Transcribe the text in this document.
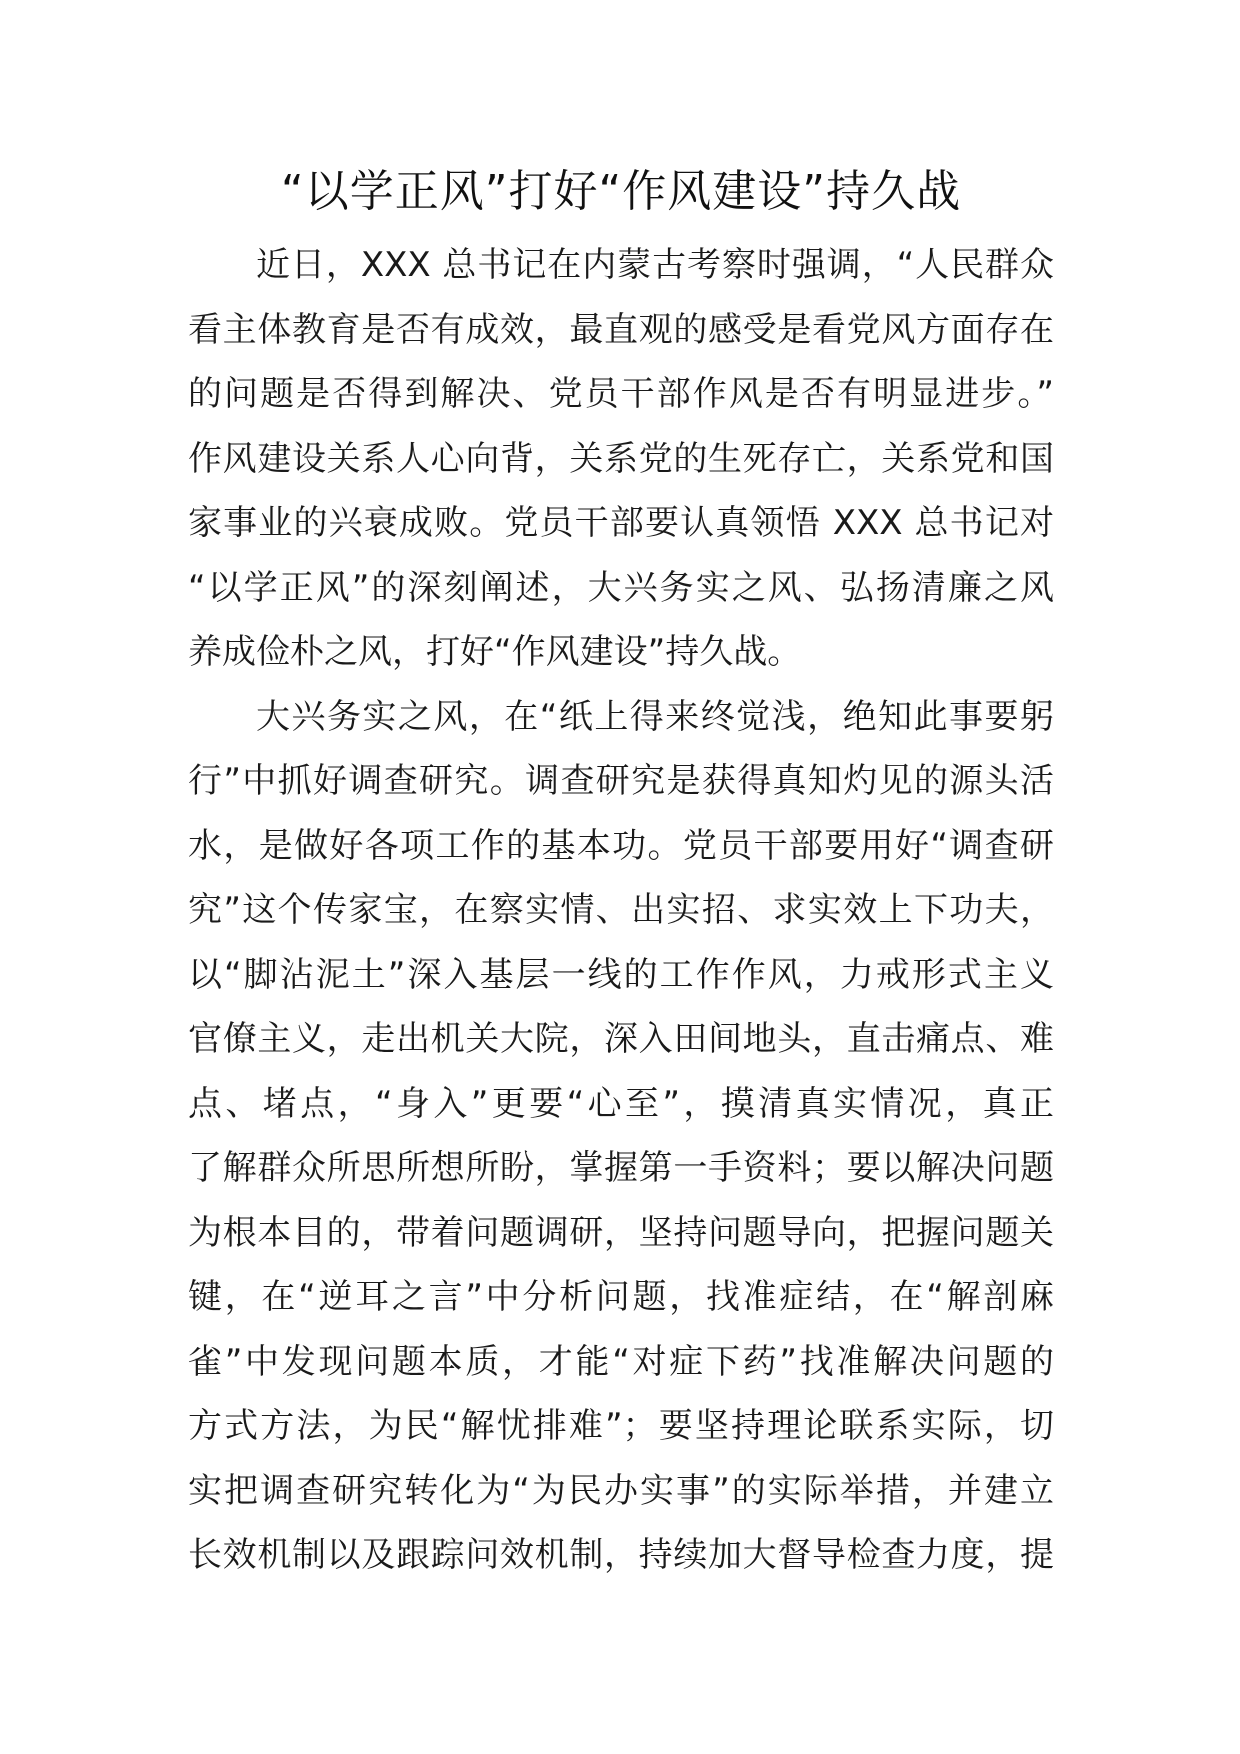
“以学正风”打好“作风建设”持久战
近日，XXX 总书记在内蒙古考察时强调，“人民群众
看主体教育是否有成效，最直观的感受是看党风方面存在
的问题是否得到解决、党员干部作风是否有明显进步。”
作风建设关系人心向背，关系党的生死存亡，关系党和国
家事业的兴衰成败。党员干部要认真领悟 XXX 总书记对
“以学正风”的深刻阐述，大兴务实之风、弘扬清廉之风
养成俭朴之风，打好“作风建设”持久战。
大兴务实之风，在“纸上得来终觉浅，绝知此事要躬
行”中抓好调查研究。调查研究是获得真知灼见的源头活
水，是做好各项工作的基本功。党员干部要用好“调查研
究”这个传家宝，在察实情、出实招、求实效上下功夫，
以“脚沾泥土”深入基层一线的工作作风，力戒形式主义
官僚主义，走出机关大院，深入田间地头，直击痛点、难
点、堵点，“身入”更要“心至”，摸清真实情况，真正
了解群众所思所想所盼，掌握第一手资料；要以解决问题
为根本目的，带着问题调研，坚持问题导向，把握问题关
键，在“逆耳之言”中分析问题，找准症结，在“解剖麻
雀”中发现问题本质，才能“对症下药”找准解决问题的
方式方法，为民“解忧排难”；要坚持理论联系实际，切
实把调查研究转化为“为民办实事”的实际举措，并建立
长效机制以及跟踪问效机制，持续加大督导检查力度，提
